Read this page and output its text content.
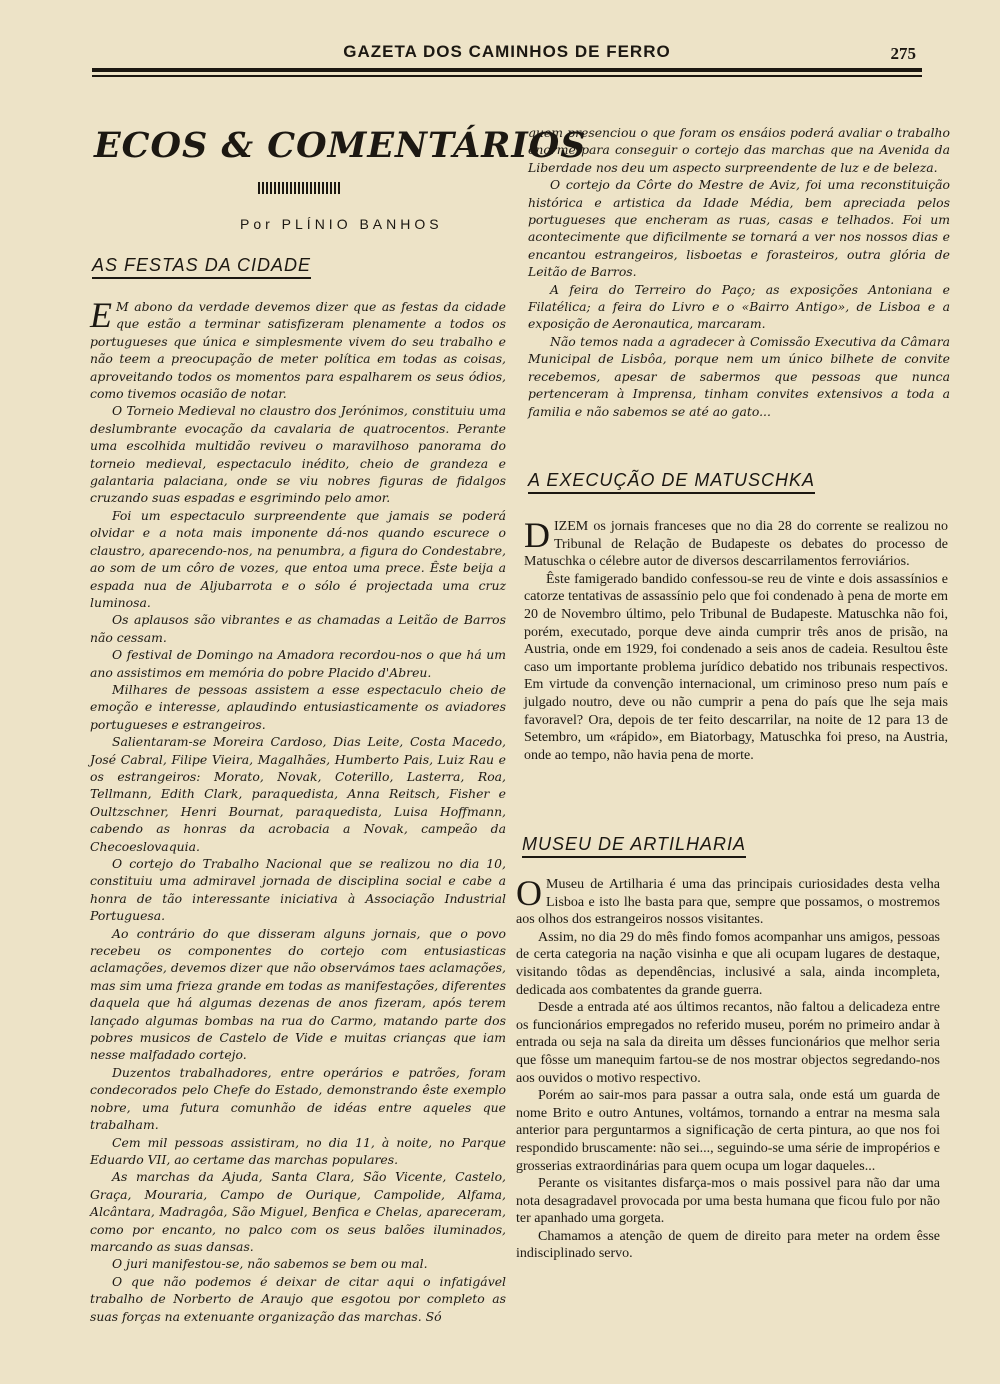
GAZETA DOS CAMINHOS DE FERRO	275
ECOS & COMENTÁRIOS
Por PLÍNIO BANHOS
AS FESTAS DA CIDADE

E M abono da verdade devemos dizer que as festas da cidade que estão a terminar satisfizeram plenamente a todos os portugueses que única e simplesmente vivem do seu trabalho e não teem a preocupação de meter política em todas as coisas, aproveitando todos os momentos para espalharem os seus ódios, como tivemos ocasião de notar.

O Torneio Medieval no claustro dos Jerónimos, constituiu uma deslumbrante evocação da cavalaria de quatrocentos. Perante uma escolhida multidão reviveu o maravilhoso panorama do torneio medieval, espectaculo inédito, cheio de grandeza e galantaria palaciana, onde se viu nobres figuras de fidalgos cruzando suas espadas e esgrimindo pelo amor.

Foi um espectaculo surpreendente que jamais se poderá olvidar e a nota mais imponente dá-nos quando escurece o claustro, aparecendo-nos, na penumbra, a figura do Condestabre, ao som de um côro de vozes, que entoa uma prece. Êste beija a espada nua de Aljubarrota e o sólo é projectada uma cruz luminosa.

Os aplausos são vibrantes e as chamadas a Leitão de Barros não cessam.

O festival de Domingo na Amadora recordou-nos o que há um ano assistimos em memória do pobre Placido d'Abreu.

Milhares de pessoas assistem a esse espectaculo cheio de emoção e interesse, aplaudindo entusiasticamente os aviadores portugueses e estrangeiros.

Salientaram-se Moreira Cardoso, Dias Leite, Costa Macedo, José Cabral, Filipe Vieira, Magalhães, Humberto Pais, Luiz Rau e os estrangeiros: Morato, Novak, Coterillo, Lasterra, Roa, Tellmann, Edith Clark, paraquedista, Anna Reitsch, Fisher e Oultzschner, Henri Bournat, paraquedista, Luisa Hoffmann, cabendo as honras da acrobacia a Novak, campeão da Checoeslovaquia.

O cortejo do Trabalho Nacional que se realizou no dia 10, constituiu uma admiravel jornada de disciplina social e cabe a honra de tão interessante iniciativa à Associação Industrial Portuguesa.

Ao contrário do que disseram alguns jornais, que o povo recebeu os componentes do cortejo com entusiasticas aclamações, devemos dizer que não observámos taes aclamações, mas sim uma frieza grande em todas as manifestações, diferentes daquela que há algumas dezenas de anos fizeram, após terem lançado algumas bombas na rua do Carmo, matando parte dos pobres musicos de Castelo de Vide e muitas crianças que iam nesse malfadado cortejo.

Duzentos trabalhadores, entre operários e patrões, foram condecorados pelo Chefe do Estado, demonstrando êste exemplo nobre, uma futura comunhão de idéas entre aqueles que trabalham.

Cem mil pessoas assistiram, no dia 11, à noite, no Parque Eduardo VII, ao certame das marchas populares.

As marchas da Ajuda, Santa Clara, São Vicente, Castelo, Graça, Mouraria, Campo de Ourique, Campolide, Alfama, Alcântara, Madragôa, São Miguel, Benfica e Chelas, apareceram, como por encanto, no palco com os seus balões iluminados, marcando as suas dansas.

O juri manifestou-se, não sabemos se bem ou mal.

O que não podemos é deixar de citar aqui o infatigável trabalho de Norberto de Araujo que esgotou por completo as suas forças na extenuante organização das marchas. Só

quem presenciou o que foram os ensáios poderá avaliar o trabalho enorme para conseguir o cortejo das marchas que na Avenida da Liberdade nos deu um aspecto surpreendente de luz e de beleza.

O cortejo da Côrte do Mestre de Aviz, foi uma reconstituição histórica e artistica da Idade Média, bem apreciada pelos portugueses que encheram as ruas, casas e telhados. Foi um acontecimente que dificilmente se tornará a ver nos nossos dias e encantou estrangeiros, lisboetas e forasteiros, outra glória de Leitão de Barros.

A feira do Terreiro do Paço; as exposições Antoniana e Filatélica; a feira do Livro e o «Bairro Antigo», de Lisboa e a exposição de Aeronautica, marcaram.

Não temos nada a agradecer à Comissão Executiva da Câmara Municipal de Lisbôa, porque nem um único bilhete de convite recebemos, apesar de sabermos que pessoas que nunca pertenceram à Imprensa, tinham convites extensivos a toda a familia e não sabemos se até ao gato...

A EXECUÇÃO DE MATUSCHKA

DIZEM os jornais franceses que no dia 28 do corrente se realizou no Tribunal de Relação de Budapeste os debates do processo de Matuschka o célebre autor de diversos descarrilamentos ferroviários.

Êste famigerado bandido confessou-se reu de vinte e dois assassínios e catorze tentativas de assassínio pelo que foi condenado à pena de morte em 20 de Novembro último, pelo Tribunal de Budapeste. Matuschka não foi, porém, executado, porque deve ainda cumprir três anos de prisão, na Austria, onde em 1929, foi condenado a seis anos de cadeia. Resultou êste caso um importante problema jurídico debatido nos tribunais respectivos. Em virtude da convenção internacional, um criminoso preso num país e julgado noutro, deve ou não cumprir a pena do país que lhe seja mais favoravel? Ora, depois de ter feito descarrilar, na noite de 12 para 13 de Setembro, um «rápido», em Biatorbagy, Matuschka foi preso, na Austria, onde ao tempo, não havia pena de morte.

MUSEU DE ARTILHARIA

O Museu de Artilharia é uma das principais curiosidades desta velha Lisboa e isto lhe basta para que, sempre que possamos, o mostremos aos olhos dos estrangeiros nossos visitantes.

Assim, no dia 29 do mês findo fomos acompanhar uns amigos, pessoas de certa categoria na nação visinha e que ali ocupam lugares de destaque, visitando tôdas as dependências, inclusivé a sala, ainda incompleta, dedicada aos combatentes da grande guerra.

Desde a entrada até aos últimos recantos, não faltou a delicadeza entre os funcionários empregados no referido museu, porém no primeiro andar à entrada ou seja na sala da direita um dêsses funcionários que melhor seria que fôsse um manequim fartou-se de nos mostrar objectos segredando-nos aos ouvidos o motivo respectivo.

Porém ao sair-mos para passar a outra sala, onde está um guarda de nome Brito e outro Antunes, voltámos, tornando a entrar na mesma sala anterior para perguntarmos a significação de certa pintura, ao que nos foi respondido bruscamente: não sei..., seguindo-se uma série de impropérios e grosserias extraordinárias para quem ocupa um logar daqueles...

Perante os visitantes disfarça-mos o mais possivel para não dar uma nota desagradavel provocada por uma besta humana que ficou fulo por não ter apanhado uma gorgeta.

Chamamos a atenção de quem de direito para meter na ordem êsse indisciplinado servo.
